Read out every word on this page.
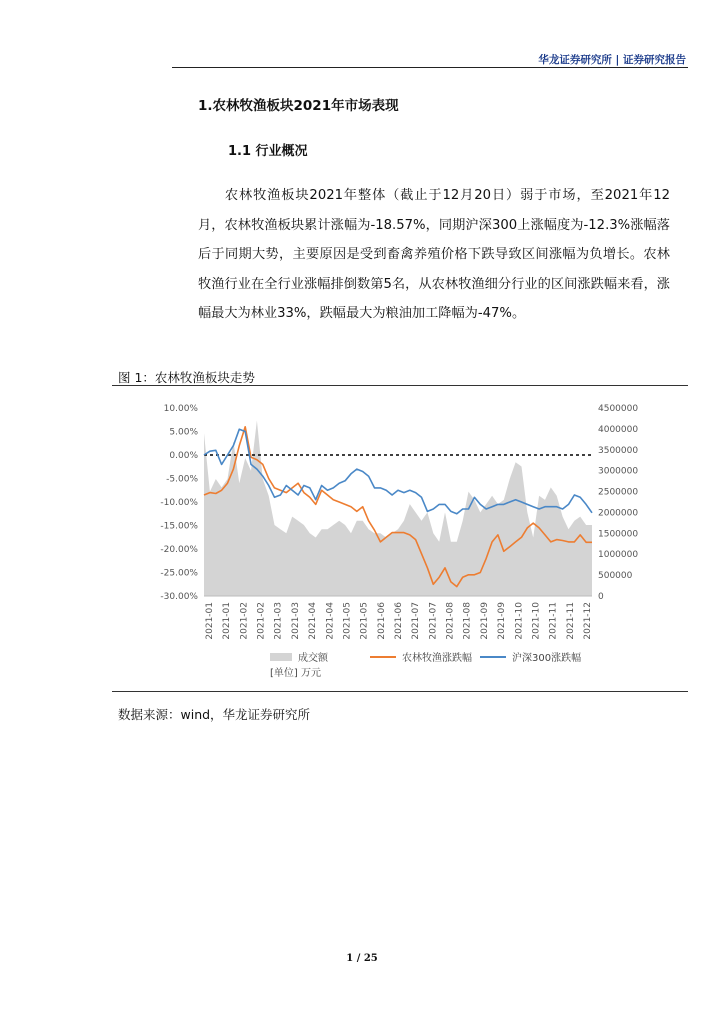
华龙证券研究所 | 证券研究报告
1.农林牧渔板块2021年市场表现
1.1 行业概况
农林牧渔板块2021年整体（截止于12月20日）弱于市场，至2021年12月，农林牧渔板块累计涨幅为-18.57%，同期沪深300上涨幅度为-12.3%涨幅落后于同期大势，主要原因是受到畜禽养殖价格下跌导致区间涨幅为负增长。农林牧渔行业在全行业涨幅排倒数第5名，从农林牧渔细分行业的区间涨跌幅来看，涨幅最大为林业33%，跌幅最大为粮油加工降幅为-47%。
图 1：农林牧渔板块走势
10.00%
5.00%
0.00%
-5.00%
-10.00%
-15.00%
-20.00%
-25.00%
-30.00%
4500000
4000000
3500000
3000000
2500000
2000000
1500000
1000000
500000
0
2021-01 2021-01 2021-02 2021-02 2021-03 2021-03 2021-04 2021-04 2021-05 2021-05 2021-06 2021-06 2021-07 2021-07 2021-08 2021-08 2021-09 2021-09 2021-10 2021-10 2021-11 2021-11 2021-12
成交额
[单位] 万元
农林牧渔涨跌幅	沪深300涨跌幅
数据来源：wind，华龙证券研究所
1 / 25
